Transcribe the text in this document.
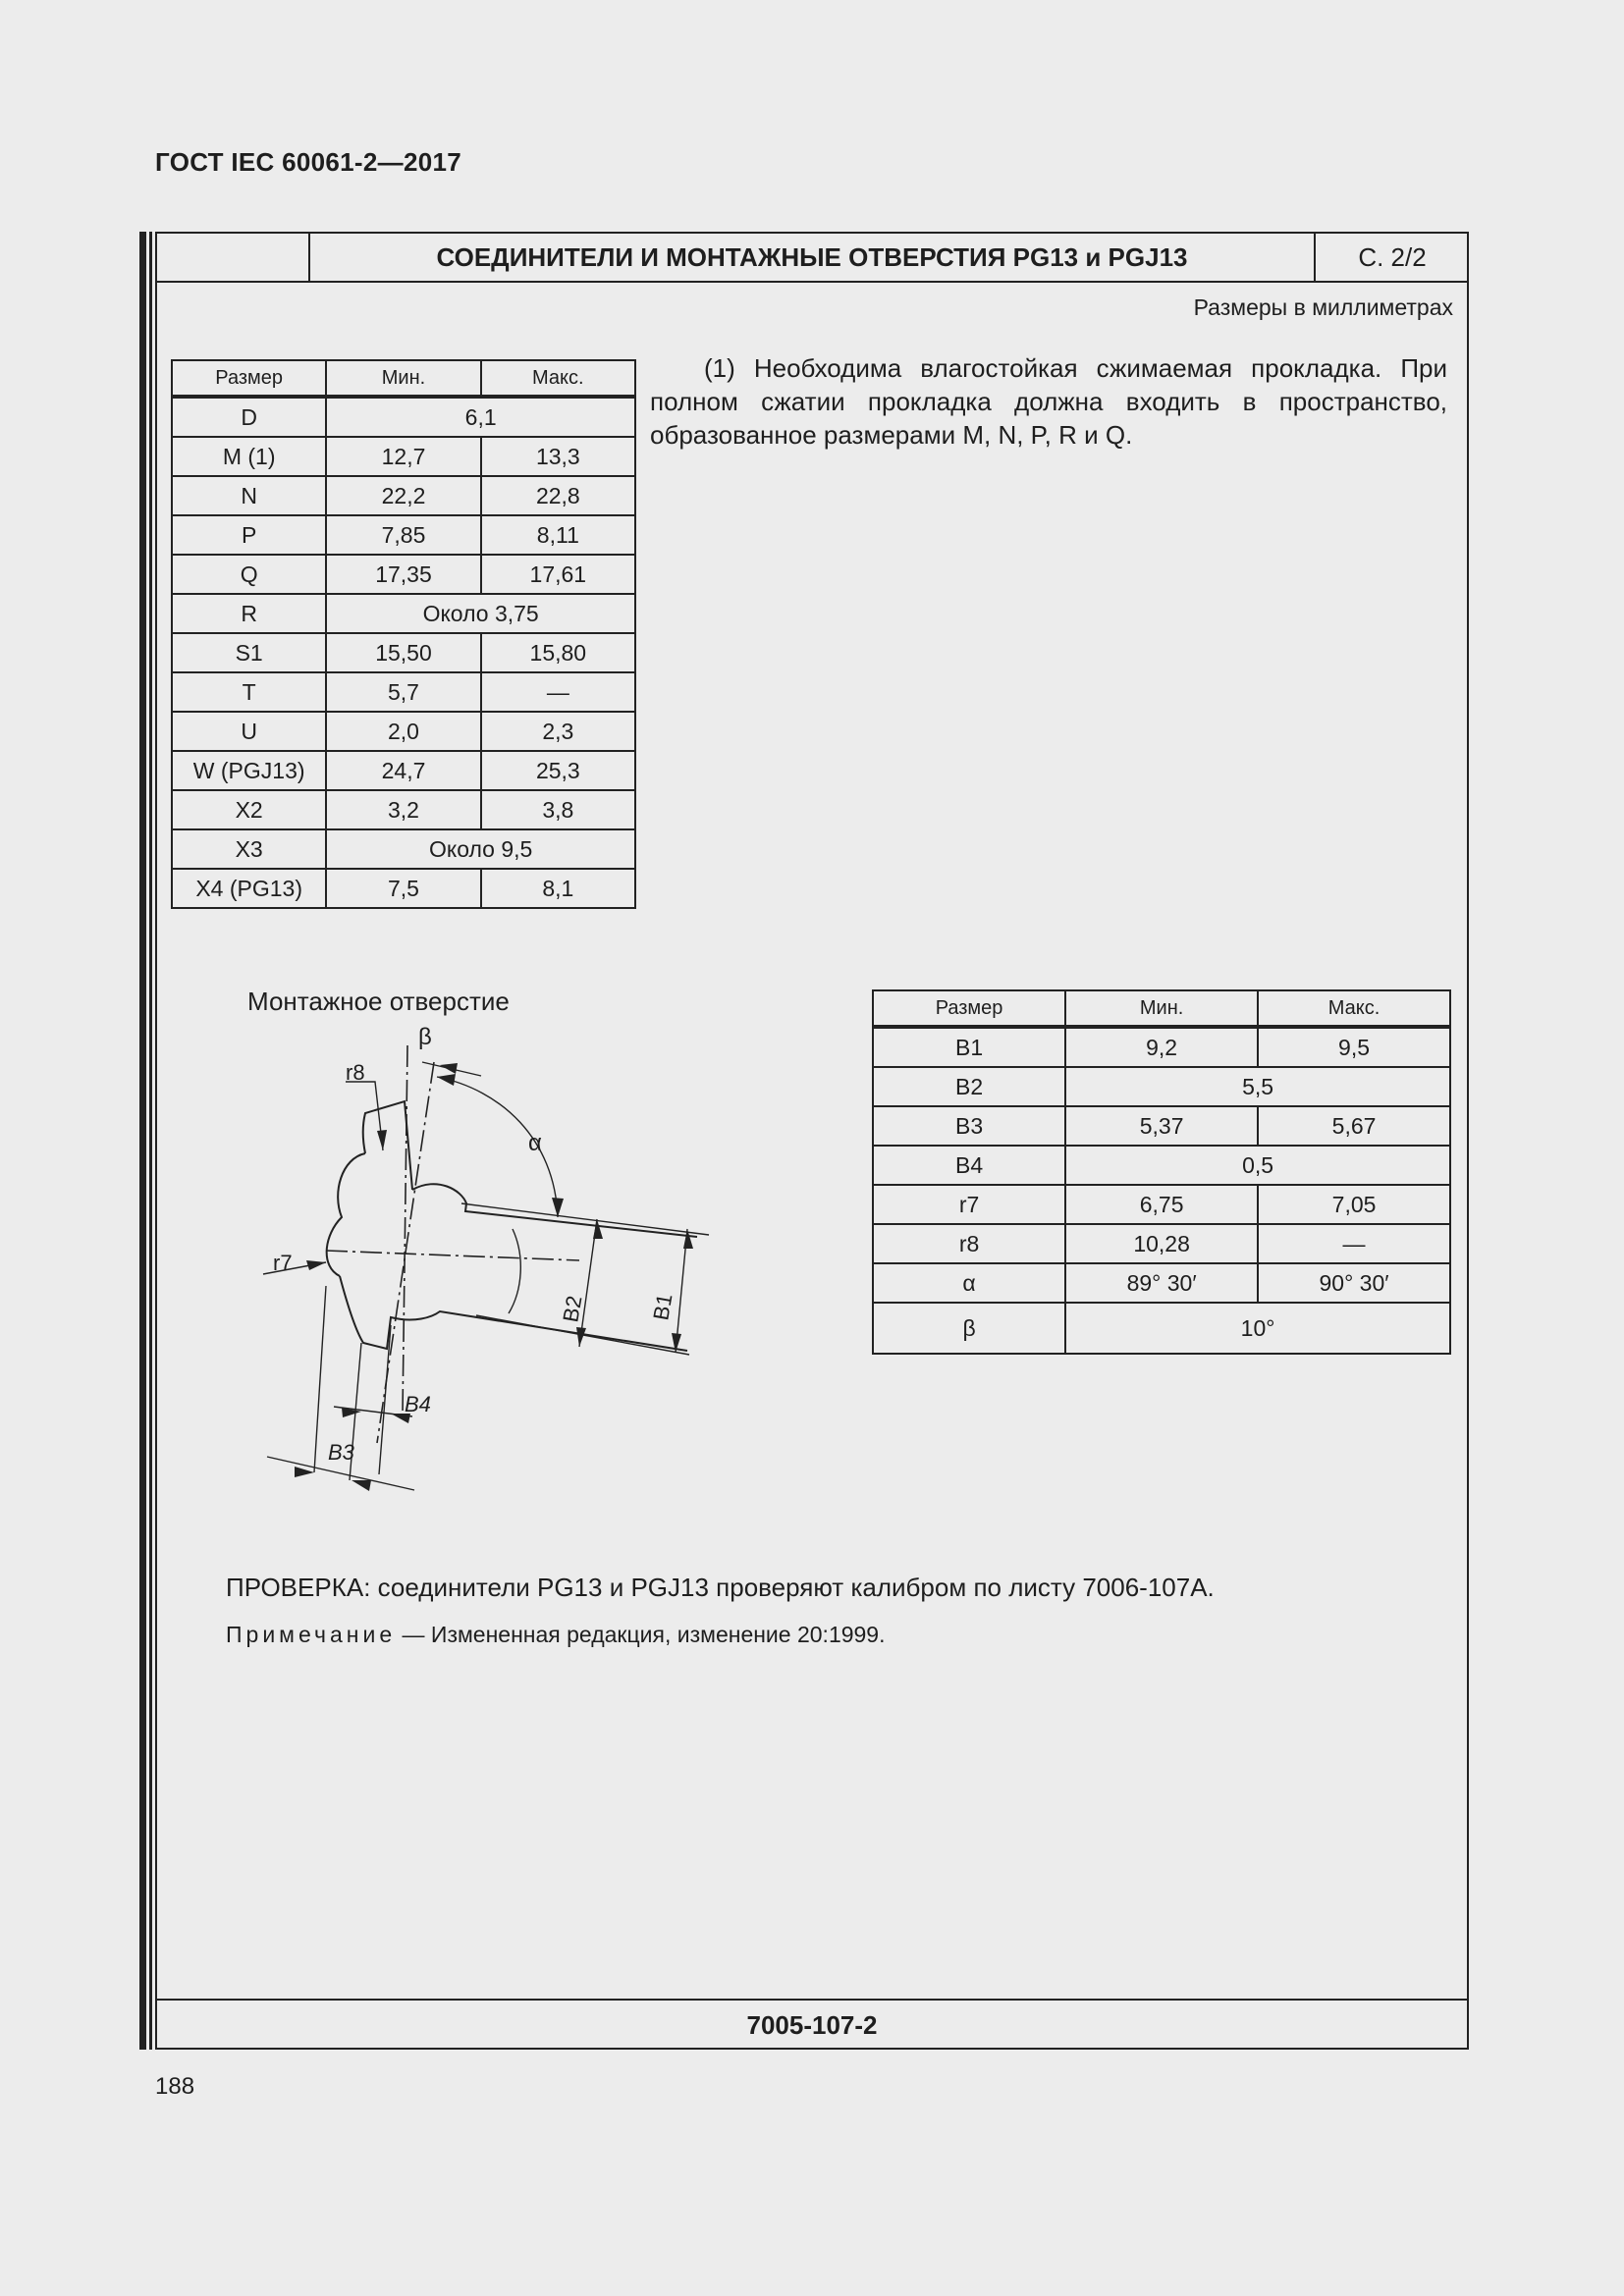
ГОСТ IEC 60061-2—2017
СОЕДИНИТЕЛИ И МОНТАЖНЫЕ ОТВЕРСТИЯ PG13 и PGJ13	С. 2/2
Размеры в миллиметрах
Размер	Мин.	Макс.
D	6,1	
M (1)	12,7	13,3
N	22,2	22,8
P	7,85	8,11
Q	17,35	17,61
R	Около 3,75	
S1	15,50	15,80
T	5,7	—
U	2,0	2,3
W (PGJ13)	24,7	25,3
X2	3,2	3,8
X3	Около 9,5	
X4 (PG13)	7,5	8,1
(1) Необходима влагостойкая сжимаемая прокладка. При полном сжатии прокладка должна входить в пространство, образованное размерами M, N, P, R и Q.
Монтажное отверстие
β
r8
α
r7
B2	B1
B4
B3
Размер	Мин.	Макс.
B1	9,2	9,5
B2	5,5	
B3	5,37	5,67
B4	0,5	
r7	6,75	7,05
r8	10,28	—
α	89° 30′	90° 30′
β	10°	
ПРОВЕРКА: соединители PG13 и PGJ13 проверяют калибром по листу 7006-107А.
Примечание — Измененная редакция, изменение 20:1999.
7005-107-2
188
